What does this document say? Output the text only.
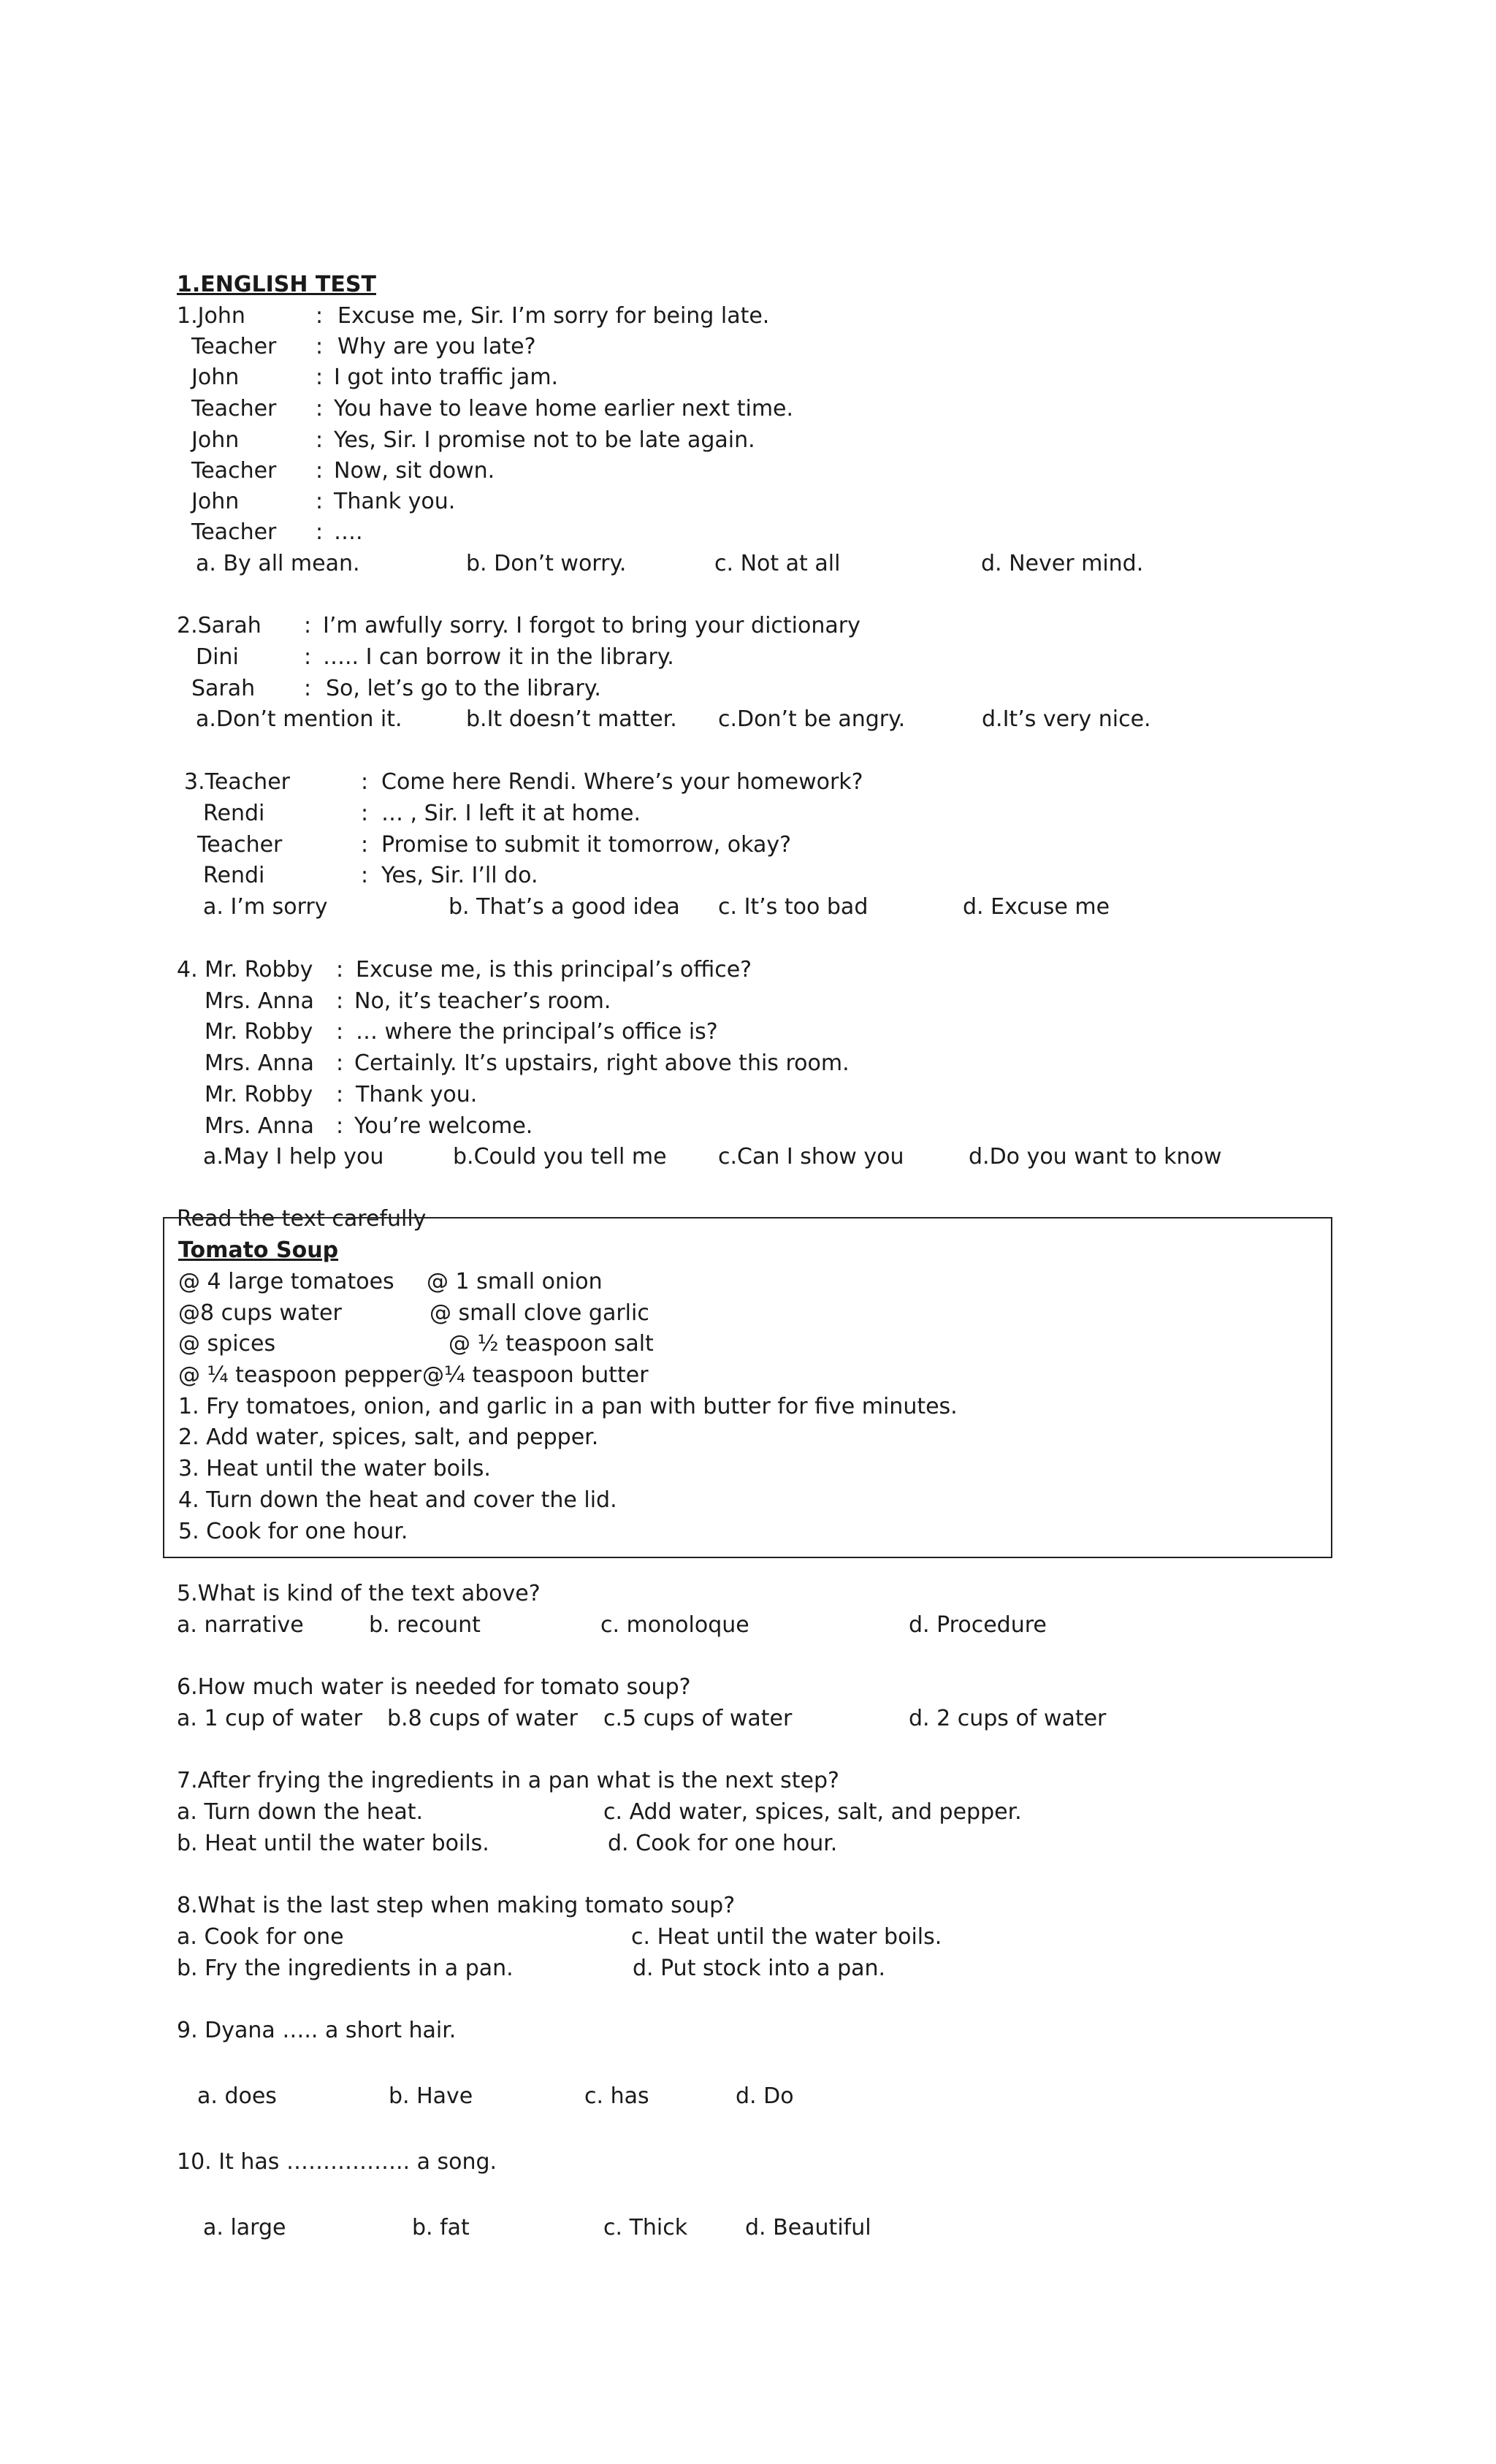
1.ENGLISH TEST
1.John	: Excuse me, Sir. I’m sorry for being late.
Teacher : Why are you late?
John	: I got into traffic jam.
Teacher : You have to leave home earlier next time.
John	: Yes, Sir. I promise not to be late again.
Teacher : Now, sit down.
John	: Thank you.
Teacher : ….
a. By all mean.	b. Don’t worry.	c. Not at all	d. Never mind.
2.Sarah : I’m awfully sorry. I forgot to bring your dictionary
Dini	: ….. I can borrow it in the library.
Sarah : So, let’s go to the library.
a.Don’t mention it.	b.It doesn’t matter. c.Don’t be angry.	d.It’s very nice.
3.Teacher	: Come here Rendi. Where’s your homework?
Rendi	: … , Sir. I left it at home.
Teacher	: Promise to submit it tomorrow, okay?
Rendi	: Yes, Sir. I’ll do.
a. I’m sorry	b. That’s a good idea c. It’s too bad	d. Excuse me
4. Mr. Robby : Excuse me, is this principal’s office?
Mrs. Anna : No, it’s teacher’s room.
Mr. Robby : … where the principal’s office is?
Mrs. Anna : Certainly. It’s upstairs, right above this room.
Mr. Robby : Thank you.
Mrs. Anna : You’re welcome.
a.May I help you	b.Could you tell me c.Can I show you	d.Do you want to know
Read the text carefully
Tomato Soup
@ 4 large tomatoes @ 1 small onion
@8 cups water	@ small clove garlic
@ spices	@ ½ teaspoon salt
@ ¼ teaspoon pepper @¼ teaspoon butter
1. Fry tomatoes, onion, and garlic in a pan with butter for five minutes.
2. Add water, spices, salt, and pepper.
3. Heat until the water boils.
4. Turn down the heat and cover the lid.
5. Cook for one hour.
5.What is kind of the text above?
a. narrative	b. recount	c. monoloque	d. Procedure
6.How much water is needed for tomato soup?
a. 1 cup of water b.8 cups of water c.5 cups of water	d. 2 cups of water
7.After frying the ingredients in a pan what is the next step?
a. Turn down the heat.	c. Add water, spices, salt, and pepper.
b. Heat until the water boils.	d. Cook for one hour.
8.What is the last step when making tomato soup?
a. Cook for one	c. Heat until the water boils.
b. Fry the ingredients in a pan.	d. Put stock into a pan.
9. Dyana ….. a short hair.
a. does	b. Have	c. has	d. Do
10. It has …………….. a song.
a. large	b. fat	c. Thick	d. Beautiful
